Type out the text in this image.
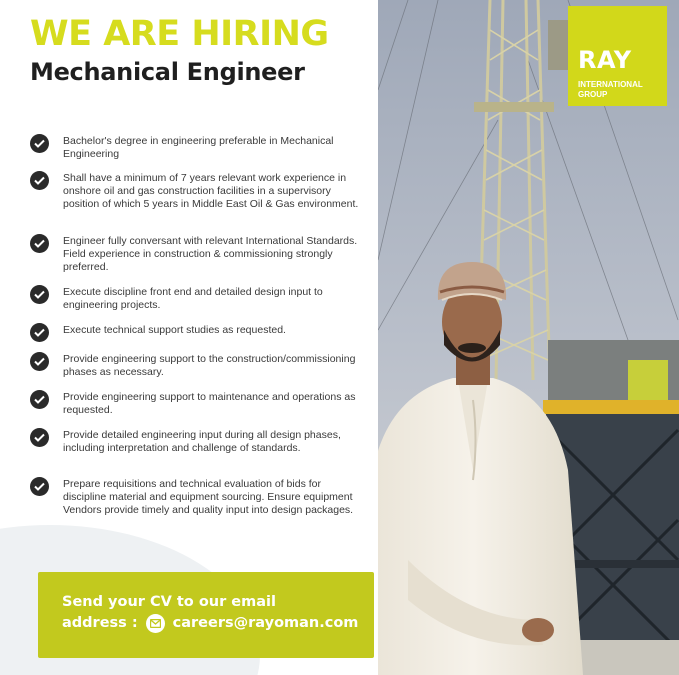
WE ARE HIRING
Mechanical Engineer

Bachelor's degree in engineering preferable in Mechanical Engineering

Shall have a minimum of 7 years relevant work experience in onshore oil and gas construction facilities in a supervisory position of which 5 years in Middle East Oil & Gas environment.

Engineer fully conversant with relevant International Standards. Field experience in construction & commissioning strongly preferred.

Execute discipline front end and detailed design input to engineering projects.

Execute technical support studies as requested.

Provide engineering support to the construction/commissioning phases as necessary.

Provide engineering support to maintenance and operations as requested.

Provide detailed engineering input during all design phases, including interpretation and challenge of standards.

Prepare requisitions and technical evaluation of bids for discipline material and equipment sourcing. Ensure equipment Vendors provide timely and quality input into design packages.

Send your CV to our email
address : careers@rayoman.com
RAY
INTERNATIONAL GROUP
